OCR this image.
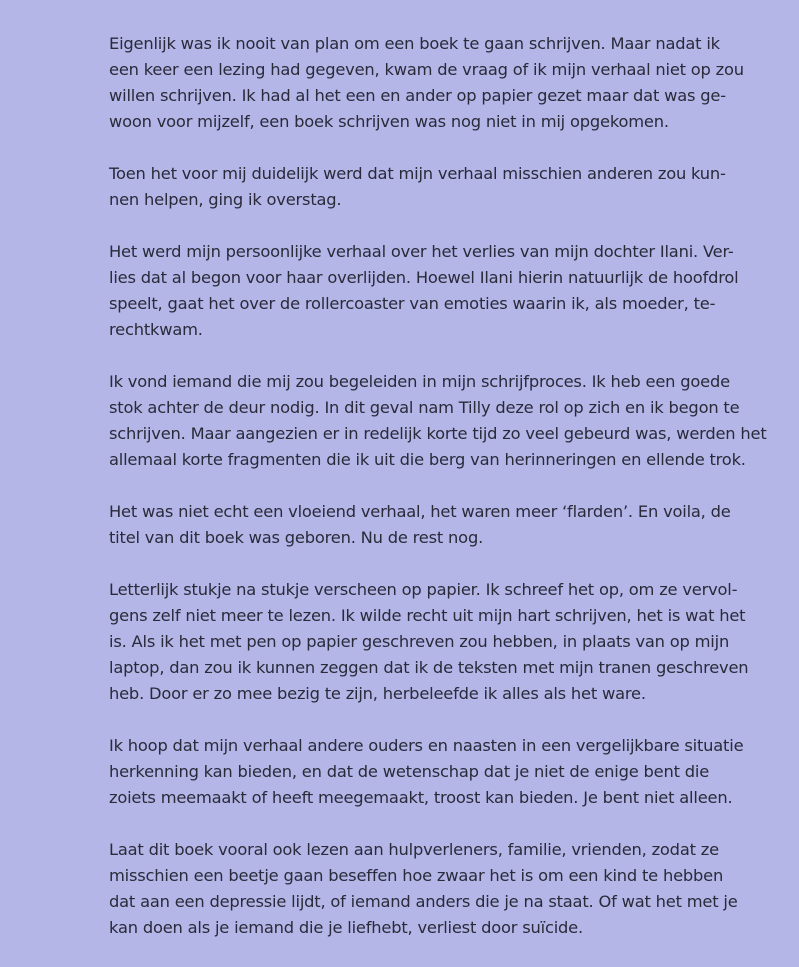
Eigenlijk was ik nooit van plan om een boek te gaan schrijven. Maar nadat ik
een keer een lezing had gegeven, kwam de vraag of ik mijn verhaal niet op zou
willen schrijven. Ik had al het een en ander op papier gezet maar dat was ge-
woon voor mijzelf, een boek schrijven was nog niet in mij opgekomen.

Toen het voor mij duidelijk werd dat mijn verhaal misschien anderen zou kun-
nen helpen, ging ik overstag.

Het werd mijn persoonlijke verhaal over het verlies van mijn dochter Ilani. Ver-
lies dat al begon voor haar overlijden. Hoewel Ilani hierin natuurlijk de hoofdrol
speelt, gaat het over de rollercoaster van emoties waarin ik, als moeder, te-
rechtkwam.

Ik vond iemand die mij zou begeleiden in mijn schrijfproces. Ik heb een goede
stok achter de deur nodig. In dit geval nam Tilly deze rol op zich en ik begon te
schrijven. Maar aangezien er in redelijk korte tijd zo veel gebeurd was, werden het
allemaal korte fragmenten die ik uit die berg van herinneringen en ellende trok.

Het was niet echt een vloeiend verhaal, het waren meer ‘flarden’. En voila, de
titel van dit boek was geboren. Nu de rest nog.

Letterlijk stukje na stukje verscheen op papier. Ik schreef het op, om ze vervol-
gens zelf niet meer te lezen. Ik wilde recht uit mijn hart schrijven, het is wat het
is. Als ik het met pen op papier geschreven zou hebben, in plaats van op mijn
laptop, dan zou ik kunnen zeggen dat ik de teksten met mijn tranen geschreven
heb. Door er zo mee bezig te zijn, herbeleefde ik alles als het ware.

Ik hoop dat mijn verhaal andere ouders en naasten in een vergelijkbare situatie
herkenning kan bieden, en dat de wetenschap dat je niet de enige bent die
zoiets meemaakt of heeft meegemaakt, troost kan bieden. Je bent niet alleen.

Laat dit boek vooral ook lezen aan hulpverleners, familie, vrienden, zodat ze
misschien een beetje gaan beseffen hoe zwaar het is om een kind te hebben
dat aan een depressie lijdt, of iemand anders die je na staat. Of wat het met je
kan doen als je iemand die je liefhebt, verliest door suïcide.
